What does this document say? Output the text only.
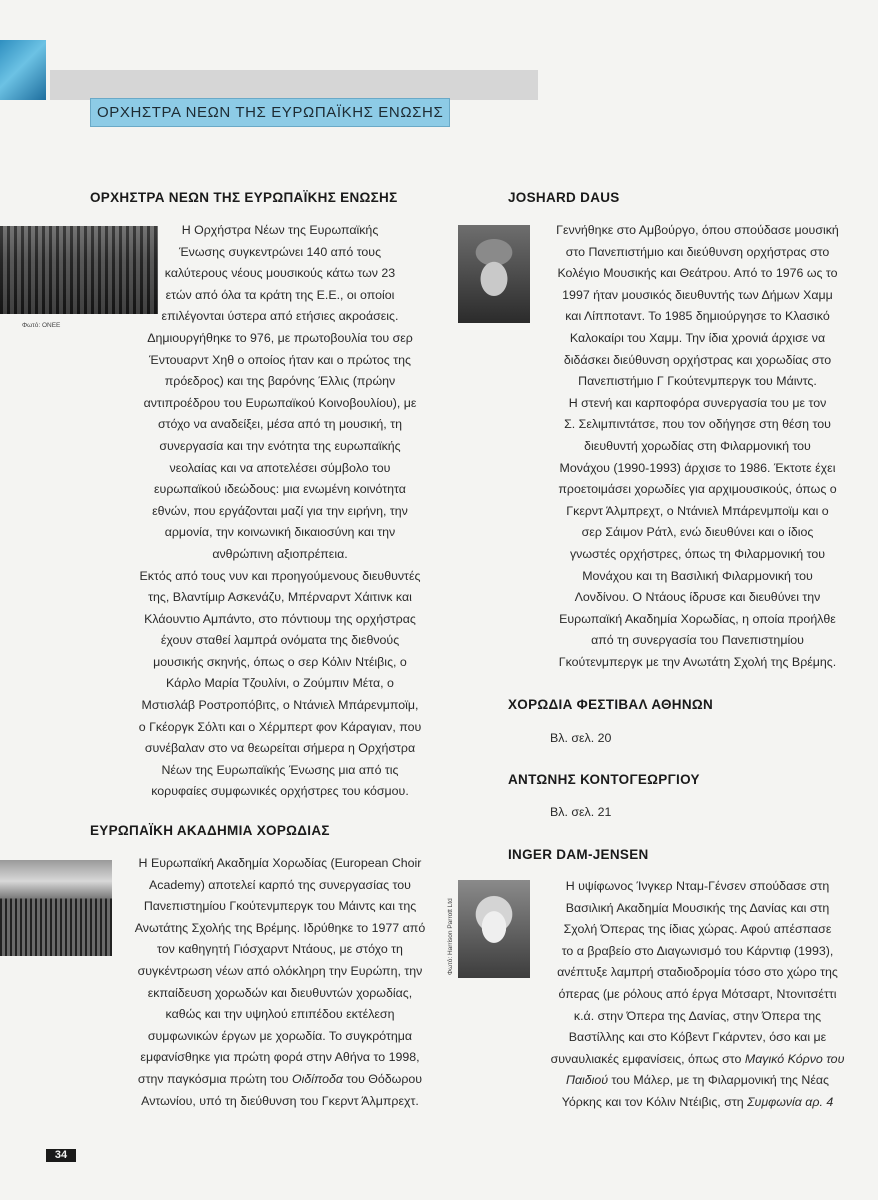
ΟΡΧΗΣΤΡΑ ΝΕΩΝ ΤΗΣ ΕΥΡΩΠΑΪΚΗΣ ΕΝΩΣΗΣ
ΟΡΧΗΣΤΡΑ ΝΕΩΝ ΤΗΣ ΕΥΡΩΠΑΪΚΗΣ ΕΝΩΣΗΣ
Φωτό: ΟΝΕΕ
Η Ορχήστρα Νέων της Ευρωπαϊκής
Ένωσης συγκεντρώνει 140 από τους
καλύτερους νέους μουσικούς κάτω των 23
ετών από όλα τα κράτη της Ε.Ε., οι οποίοι
επιλέγονται ύστερα από ετήσιες ακροάσεις.
Δημιουργήθηκε το 976, με πρωτοβουλία του σερ
Έντουαρντ Χηθ ο οποίος ήταν και ο πρώτος της
πρόεδρος) και της βαρόνης Έλλις (πρώην
αντιπροέδρου του Ευρωπαϊκού Κοινοβουλίου), με
στόχο να αναδείξει, μέσα από τη μουσική, τη
συνεργασία και την ενότητα της ευρωπαϊκής
νεολαίας και να αποτελέσει σύμβολο του
ευρωπαϊκού ιδεώδους: μια ενωμένη κοινότητα
εθνών, που εργάζονται μαζί για την ειρήνη, την
αρμονία, την κοινωνική δικαιοσύνη και την
ανθρώπινη αξιοπρέπεια.
Εκτός από τους νυν και προηγούμενους διευθυντές
της, Βλαντίμιρ Ασκενάζυ, Μπέρναρντ Χάιτινκ και
Κλάουντιο Αμπάντο, στο πόντιουμ της ορχήστρας
έχουν σταθεί λαμπρά ονόματα της διεθνούς
μουσικής σκηνής, όπως ο σερ Κόλιν Ντέιβις, ο
Κάρλο Μαρία Τζουλίνι, ο Ζούμπιν Μέτα, ο
Μστισλάβ Ροστροπόβιτς, ο Ντάνιελ Μπάρενμποϊμ,
ο Γκέοργκ Σόλτι και ο Χέρμπερτ φον Κάραγιαν, που
συνέβαλαν στο να θεωρείται σήμερα η Ορχήστρα
Νέων της Ευρωπαϊκής Ένωσης μια από τις
κορυφαίες συμφωνικές ορχήστρες του κόσμου.
ΕΥΡΩΠΑΪΚΗ ΑΚΑΔΗΜΙΑ ΧΟΡΩΔΙΑΣ
Η Ευρωπαϊκή Ακαδημία Χορωδίας (European Choir
Academy) αποτελεί καρπό της συνεργασίας του
Πανεπιστημίου Γκούτενμπεργκ του Μάιντς και της
Ανωτάτης Σχολής της Βρέμης. Ιδρύθηκε το 1977 από
τον καθηγητή Γιόσχαρντ Ντάους, με στόχο τη
συγκέντρωση νέων από ολόκληρη την Ευρώπη, την
εκπαίδευση χορωδών και διευθυντών χορωδίας,
καθώς και την υψηλού επιπέδου εκτέλεση
συμφωνικών έργων με χορωδία. Το συγκρότημα
εμφανίσθηκε για πρώτη φορά στην Αθήνα το 1998,
στην παγκόσμια πρώτη του Οιδίποδα του Θόδωρου
Αντωνίου, υπό τη διεύθυνση του Γκερντ Άλμπρεχτ.
JOSHARD DAUS
Γεννήθηκε στο Αμβούργο, όπου σπούδασε μουσική
στο Πανεπιστήμιο και διεύθυνση ορχήστρας στο
Κολέγιο Μουσικής και Θεάτρου. Από το 1976 ως το
1997 ήταν μουσικός διευθυντής των Δήμων Χαμμ
και Λίπποταντ. Το 1985 δημιούργησε το Κλασικό
Καλοκαίρι του Χαμμ. Την ίδια χρονιά άρχισε να
διδάσκει διεύθυνση ορχήστρας και χορωδίας στο
Πανεπιστήμιο Γ Γκούτενμπεργκ του Μάιντς.
Η στενή και καρποφόρα συνεργασία του με τον
Σ. Σελιμπιντάτσε, που τον οδήγησε στη θέση του
διευθυντή χορωδίας στη Φιλαρμονική του
Μονάχου (1990-1993) άρχισε το 1986. Έκτοτε έχει
προετοιμάσει χορωδίες για αρχιμουσικούς, όπως ο
Γκερντ Άλμπρεχτ, ο Ντάνιελ Μπάρενμποϊμ και ο
σερ Σάιμον Ράτλ, ενώ διευθύνει και ο ίδιος
γνωστές ορχήστρες, όπως τη Φιλαρμονική του
Μονάχου και τη Βασιλική Φιλαρμονική του
Λονδίνου. Ο Ντάους ίδρυσε και διευθύνει την
Ευρωπαϊκή Ακαδημία Χορωδίας, η οποία προήλθε
από τη συνεργασία του Πανεπιστημίου
Γκούτενμπεργκ με την Ανωτάτη Σχολή της Βρέμης.
ΧΟΡΩΔΙΑ ΦΕΣΤΙΒΑΛ ΑΘΗΝΩΝ
Βλ. σελ. 20
ΑΝΤΩΝΗΣ ΚΟΝΤΟΓΕΩΡΓΙΟΥ
Βλ. σελ. 21
INGER DAM-JENSEN
Φωτό: Harrison Parrott Ltd
Η υψίφωνος Ίνγκερ Νταμ-Γένσεν σπούδασε στη
Βασιλική Ακαδημία Μουσικής της Δανίας και στη
Σχολή Όπερας της ίδιας χώρας. Αφού απέσπασε
το α βραβείο στο Διαγωνισμό του Κάρντιφ (1993),
ανέπτυξε λαμπρή σταδιοδρομία τόσο στο χώρο της
όπερας (με ρόλους από έργα Μότσαρτ, Ντονιτσέττι
κ.ά. στην Όπερα της Δανίας, στην Όπερα της
Βαστίλλης και στο Κόβεντ Γκάρντεν, όσο και με
συναυλιακές εμφανίσεις, όπως στο Μαγικό Κόρνο του
Παιδιού του Μάλερ, με τη Φιλαρμονική της Νέας
Υόρκης και τον Κόλιν Ντέιβις, στη Συμφωνία αρ. 4
34
